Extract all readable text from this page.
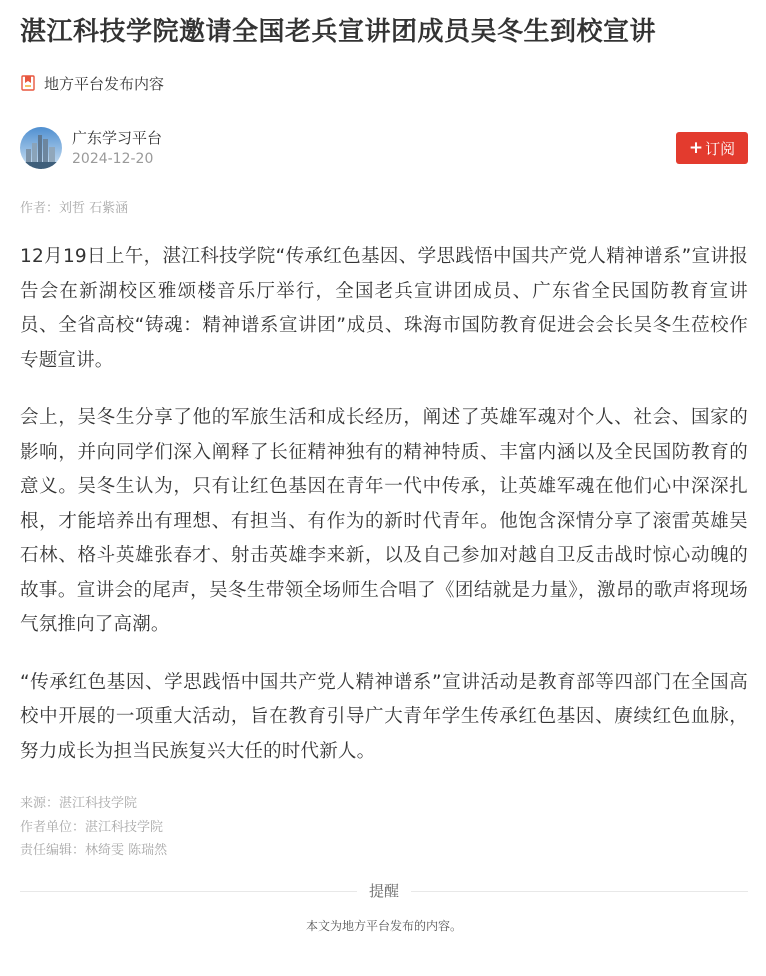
湛江科技学院邀请全国老兵宣讲团成员吴冬生到校宣讲
地方平台发布内容
广东学习平台
2024-12-20
+ 订阅
作者：刘哲 石紫涵

12月19日上午，湛江科技学院“传承红色基因、学思践悟中国共产党人精神谱系”宣讲报告会在新湖校区雅颂楼音乐厅举行，全国老兵宣讲团成员、广东省全民国防教育宣讲员、全省高校“铸魂：精神谱系宣讲团”成员、珠海市国防教育促进会会长吴冬生莅校作专题宣讲。

会上，吴冬生分享了他的军旅生活和成长经历，阐述了英雄军魂对个人、社会、国家的影响，并向同学们深入阐释了长征精神独有的精神特质、丰富内涵以及全民国防教育的意义。吴冬生认为，只有让红色基因在青年一代中传承，让英雄军魂在他们心中深深扎根，才能培养出有理想、有担当、有作为的新时代青年。他饱含深情分享了滚雷英雄吴石林、格斗英雄张春才、射击英雄李来新，以及自己参加对越自卫反击战时惊心动魄的故事。宣讲会的尾声，吴冬生带领全场师生合唱了《团结就是力量》，激昂的歌声将现场气氛推向了高潮。

“传承红色基因、学思践悟中国共产党人精神谱系”宣讲活动是教育部等四部门在全国高校中开展的一项重大活动，旨在教育引导广大青年学生传承红色基因、赓续红色血脉，努力成长为担当民族复兴大任的时代新人。

来源：湛江科技学院
作者单位：湛江科技学院
责任编辑：林绮雯 陈瑞然
提醒
本文为地方平台发布的内容。
